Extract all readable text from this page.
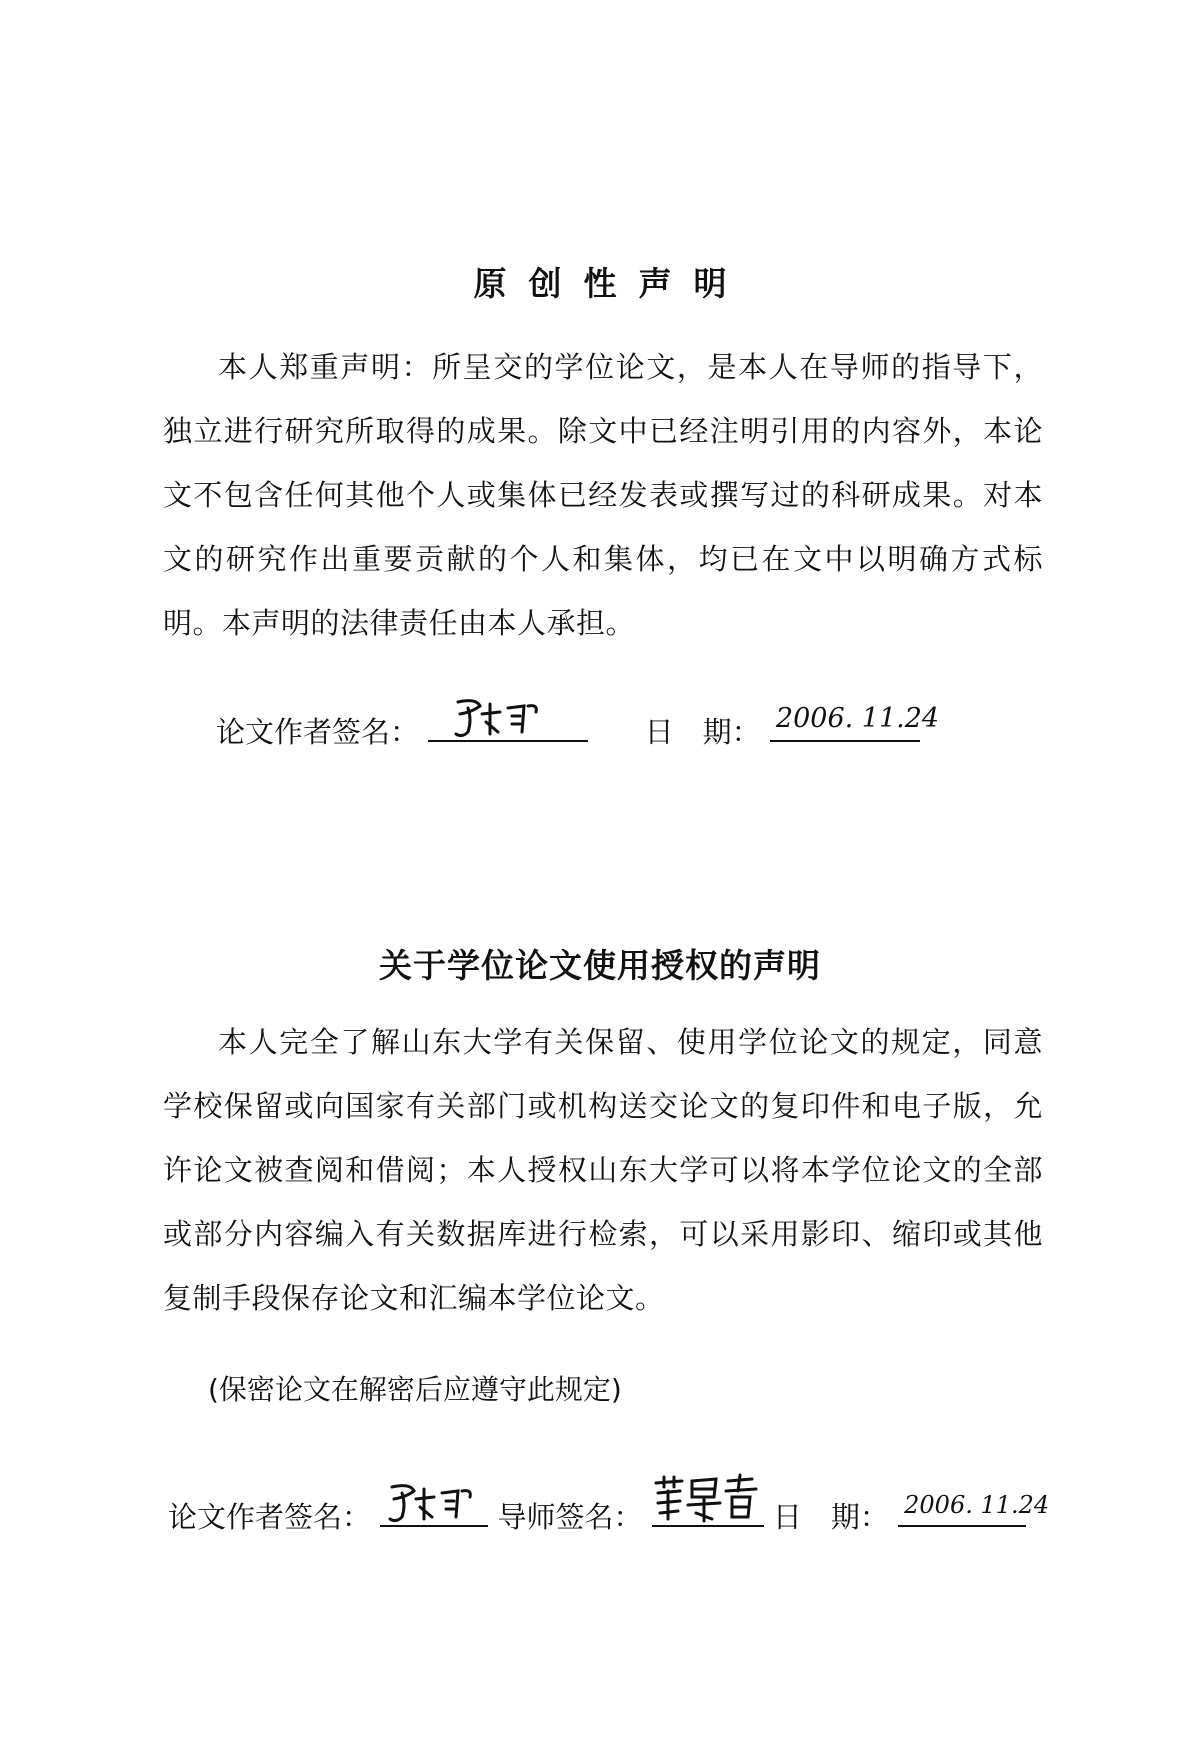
原创性声明
本人郑重声明：所呈交的学位论文，是本人在导师的指导下，独立进行研究所取得的成果。除文中已经注明引用的内容外，本论文不包含任何其他个人或集体已经发表或撰写过的科研成果。对本文的研究作出重要贡献的个人和集体，均已在文中以明确方式标明。本声明的法律责任由本人承担。
论文作者签名：	日　期： 2006. 11.24
关于学位论文使用授权的声明
本人完全了解山东大学有关保留、使用学位论文的规定，同意学校保留或向国家有关部门或机构送交论文的复印件和电子版，允许论文被查阅和借阅；本人授权山东大学可以将本学位论文的全部或部分内容编入有关数据库进行检索，可以采用影印、缩印或其他复制手段保存论文和汇编本学位论文。
(保密论文在解密后应遵守此规定)
论文作者签名：	导师签名：	日　期： 2006. 11.24
